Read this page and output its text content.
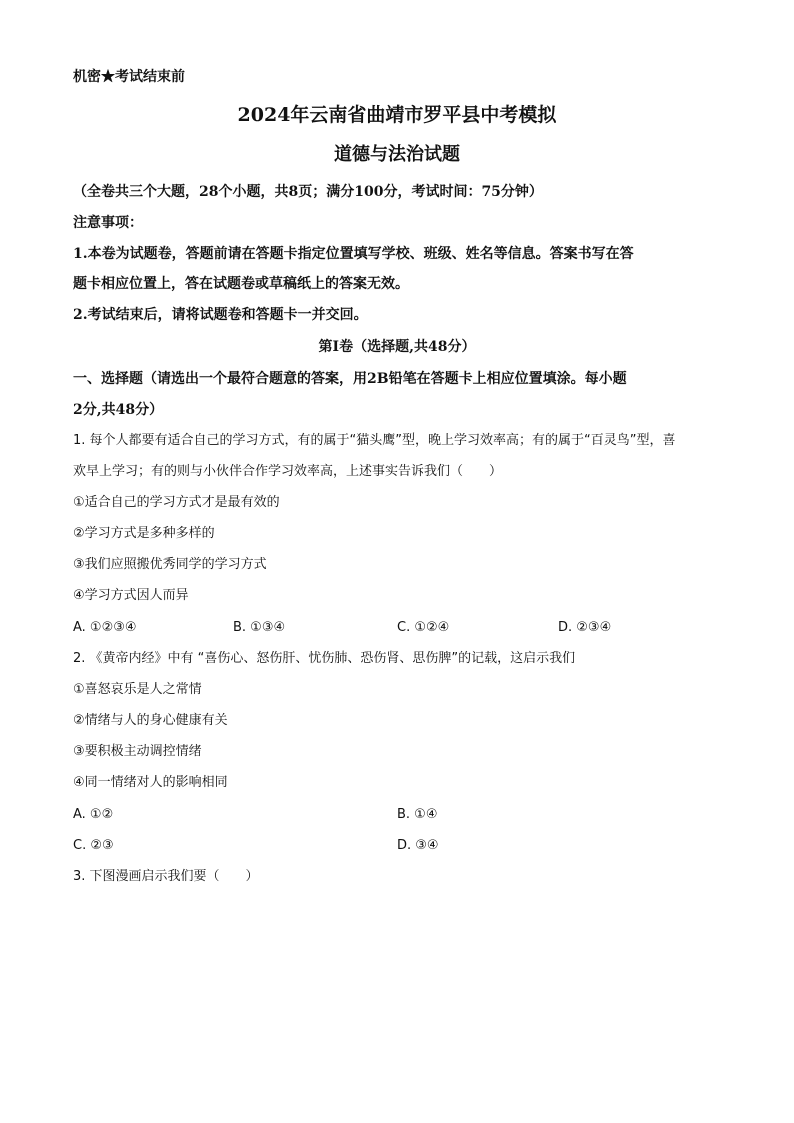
机密★考试结束前
2024年云南省曲靖市罗平县中考模拟
道德与法治试题
（全卷共三个大题，28个小题，共8页；满分100分，考试时间：75分钟）
注意事项：
1.本卷为试题卷，答题前请在答题卡指定位置填写学校、班级、姓名等信息。答案书写在答
题卡相应位置上，答在试题卷或草稿纸上的答案无效。
2.考试结束后，请将试题卷和答题卡一并交回。
第Ⅰ卷（选择题,共48分）
一、选择题（请选出一个最符合题意的答案，用2B铅笔在答题卡上相应位置填涂。每小题
2分,共48分）
1. 每个人都要有适合自己的学习方式，有的属于“猫头鹰”型，晚上学习效率高；有的属于“百灵鸟”型，喜
欢早上学习；有的则与小伙伴合作学习效率高，上述事实告诉我们（　　）
①适合自己的学习方式才是最有效的
②学习方式是多种多样的
③我们应照搬优秀同学的学习方式
④学习方式因人而异
A. ①②③④	B. ①③④	C. ①②④	D. ②③④
2. 《黄帝内经》中有 “喜伤心、怒伤肝、忧伤肺、恐伤肾、思伤脾”的记载，这启示我们
①喜怒哀乐是人之常情
②情绪与人的身心健康有关
③要积极主动调控情绪
④同一情绪对人的影响相同
A. ①②	B. ①④
C. ②③	D. ③④
3. 下图漫画启示我们要（　　）
